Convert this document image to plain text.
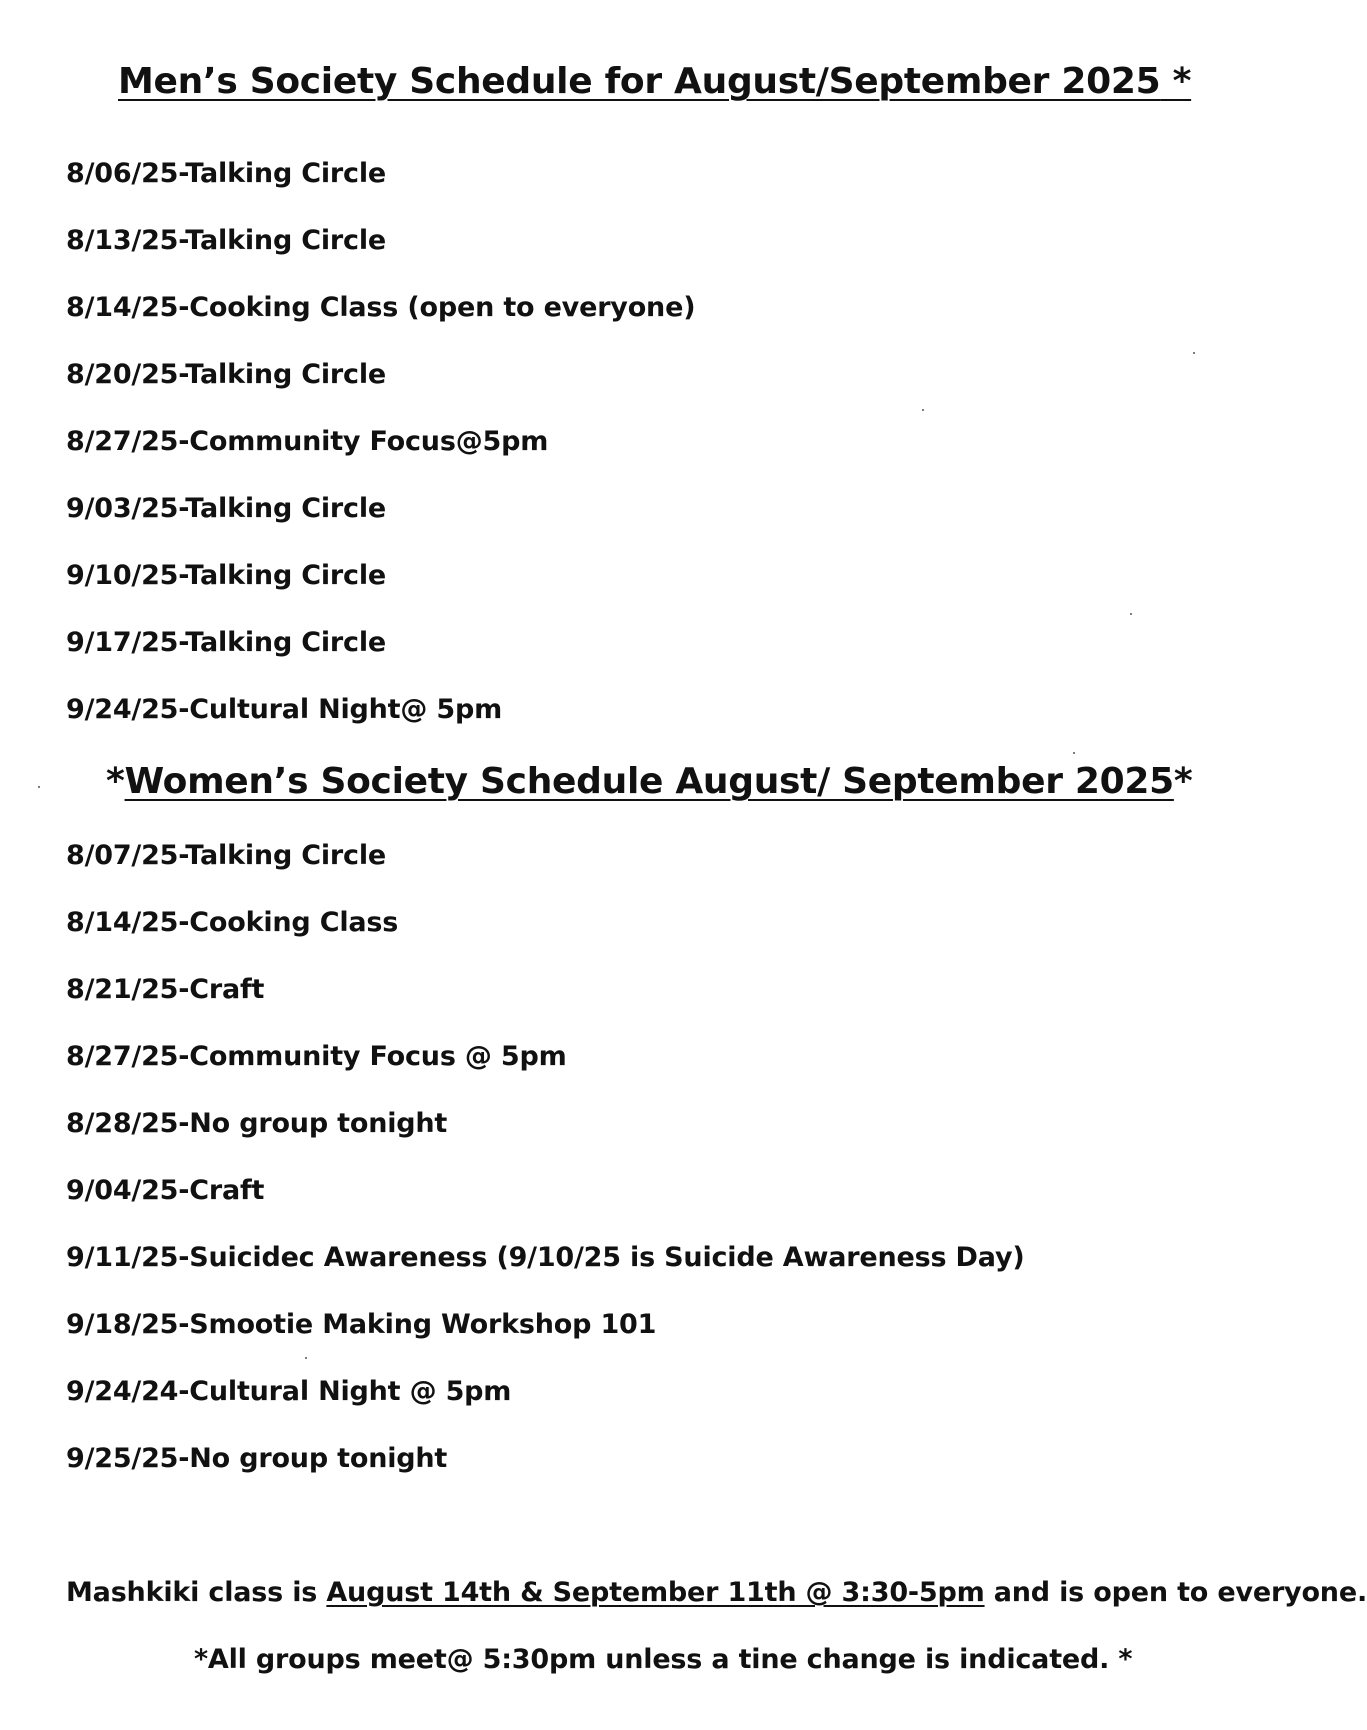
Men’s Society Schedule for August/September 2025 *
8/06/25-Talking Circle
8/13/25-Talking Circle
8/14/25-Cooking Class (open to everyone)
8/20/25-Talking Circle
8/27/25-Community Focus@5pm
9/03/25-Talking Circle
9/10/25-Talking Circle
9/17/25-Talking Circle
9/24/25-Cultural Night@ 5pm
*Women’s Society Schedule August/ September 2025*
8/07/25-Talking Circle
8/14/25-Cooking Class
8/21/25-Craft
8/27/25-Community Focus @ 5pm
8/28/25-No group tonight
9/04/25-Craft
9/11/25-Suicidec Awareness (9/10/25 is Suicide Awareness Day)
9/18/25-Smootie Making Workshop 101
9/24/24-Cultural Night @ 5pm
9/25/25-No group tonight
Mashkiki class is August 14th & September 11th @ 3:30-5pm and is open to everyone.
*All groups meet@ 5:30pm unless a tine change is indicated. *
